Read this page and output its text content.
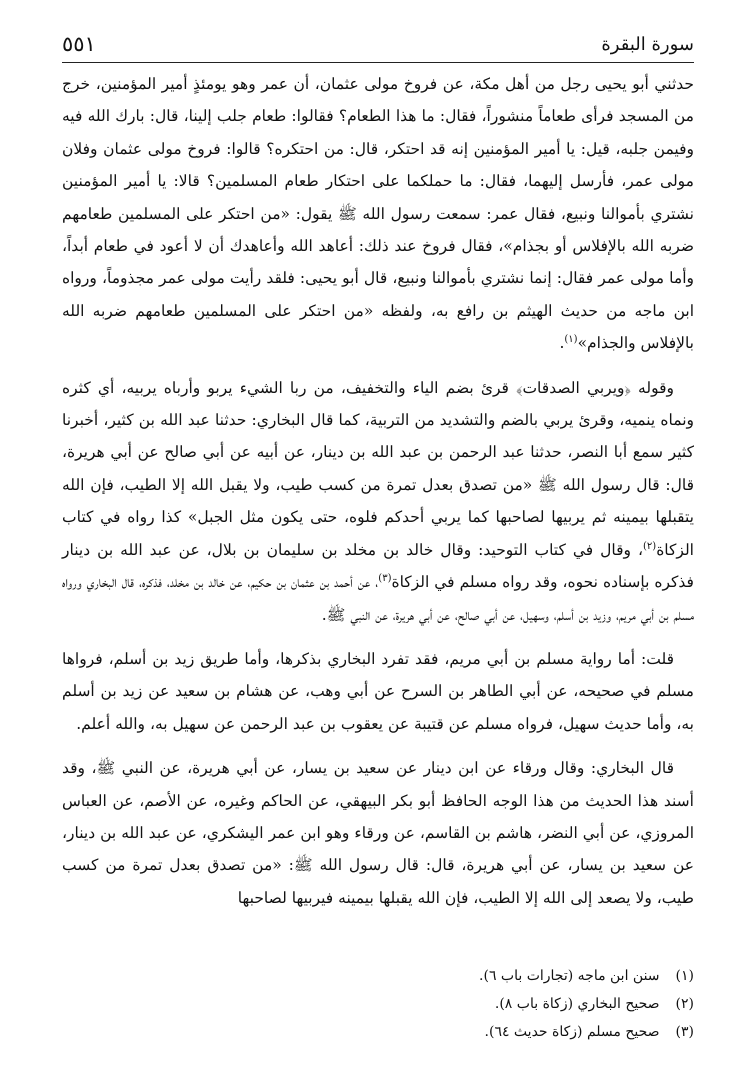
٥٥١	سورة البقرة

حدثني أبو يحيى رجل من أهل مكة، عن فروخ مولى عثمان، أن عمر وهو يومئذٍ أمير المؤمنين، خرج من المسجد فرأى طعاماً منشوراً، فقال: ما هذا الطعام؟ فقالوا: طعام جلب إلينا، قال: بارك الله فيه وفيمن جلبه، قيل: يا أمير المؤمنين إنه قد احتكر، قال: من احتكره؟ قالوا: فروخ مولى عثمان وفلان مولى عمر، فأرسل إليهما، فقال: ما حملكما على احتكار طعام المسلمين؟ قالا: يا أمير المؤمنين نشتري بأموالنا ونبيع، فقال عمر: سمعت رسول الله ﷺ يقول: «من احتكر على المسلمين طعامهم ضربه الله بالإفلاس أو بجذام»، فقال فروخ عند ذلك: أعاهد الله وأعاهدك أن لا أعود في طعام أبداً، وأما مولى عمر فقال: إنما نشتري بأموالنا ونبيع، قال أبو يحيى: فلقد رأيت مولى عمر مجذوماً، ورواه ابن ماجه من حديث الهيثم بن رافع به، ولفظه «من احتكر على المسلمين طعامهم ضربه الله بالإفلاس والجذام»$^{(١)}$.

وقوله ﴿ويربي الصدقات﴾ قرئ بضم الياء والتخفيف، من ربا الشيء يربو وأرباه يربيه، أي كثره ونماه ينميه، وقرئ يربي بالضم والتشديد من التربية، كما قال البخاري: حدثنا عبد الله بن كثير، أخبرنا كثير سمع أبا النصر، حدثنا عبد الرحمن بن عبد الله بن دينار، عن أبيه عن أبي صالح عن أبي هريرة، قال: قال رسول الله ﷺ «من تصدق بعدل تمرة من كسب طيب، ولا يقبل الله إلا الطيب، فإن الله يتقبلها بيمينه ثم يربيها لصاحبها كما يربي أحدكم فلوه، حتى يكون مثل الجبل» كذا رواه في كتاب الزكاة$^{(٢)}$، وقال في كتاب التوحيد: وقال خالد بن مخلد بن سليمان بن بلال، عن عبد الله بن دينار فذكره بإسناده نحوه، وقد رواه مسلم في الزكاة$^{(٣)}$، عن أحمد بن عثمان بن حكيم، عن خالد بن مخلد، فذكره، قال البخاري ورواه مسلم بن أبي مريم، وزيد بن أسلم، وسهيل، عن أبي صالح، عن أبي هريرة، عن النبي ﷺ.

قلت: أما رواية مسلم بن أبي مريم، فقد تفرد البخاري بذكرها، وأما طريق زيد بن أسلم، فرواها مسلم في صحيحه، عن أبي الطاهر بن السرح عن أبي وهب، عن هشام بن سعيد عن زيد بن أسلم به، وأما حديث سهيل، فرواه مسلم عن قتيبة عن يعقوب بن عبد الرحمن عن سهيل به، والله أعلم.

قال البخاري: وقال ورقاء عن ابن دينار عن سعيد بن يسار، عن أبي هريرة، عن النبي ﷺ، وقد أسند هذا الحديث من هذا الوجه الحافظ أبو بكر البيهقي، عن الحاكم وغيره، عن الأصم، عن العباس المروزي، عن أبي النضر، هاشم بن القاسم، عن ورقاء وهو ابن عمر اليشكري، عن عبد الله بن دينار، عن سعيد بن يسار، عن أبي هريرة، قال: قال رسول الله ﷺ: «من تصدق بعدل تمرة من كسب طيب، ولا يصعد إلى الله إلا الطيب، فإن الله يقبلها بيمينه فيربيها لصاحبها

(١) سنن ابن ماجه (تجارات باب ٦).
(٢) صحيح البخاري (زكاة باب ٨).
(٣) صحيح مسلم (زكاة حديث ٦٤).
